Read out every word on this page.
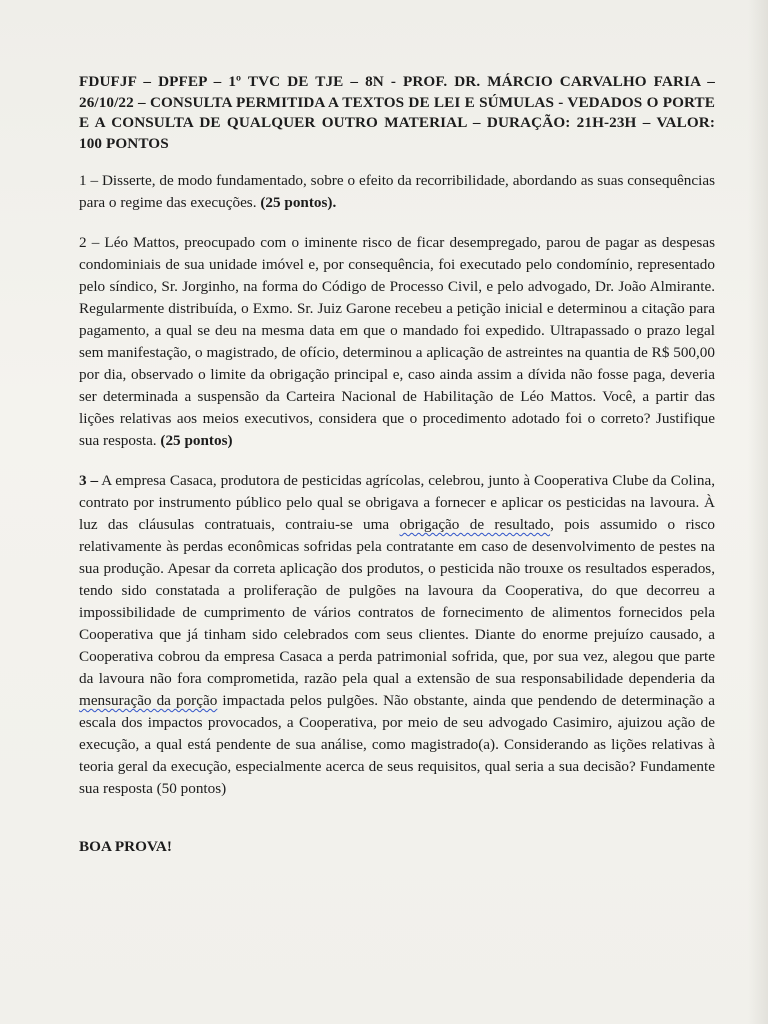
FDUFJF – DPFEP – 1º TVC DE TJE – 8N - PROF. DR. MÁRCIO CARVALHO FARIA – 26/10/22 – CONSULTA PERMITIDA A TEXTOS DE LEI E SÚMULAS - VEDADOS O PORTE E A CONSULTA DE QUALQUER OUTRO MATERIAL – DURAÇÃO: 21H-23H – VALOR: 100 PONTOS

1 – Disserte, de modo fundamentado, sobre o efeito da recorribilidade, abordando as suas consequências para o regime das execuções. (25 pontos).

2 – Léo Mattos, preocupado com o iminente risco de ficar desempregado, parou de pagar as despesas condominiais de sua unidade imóvel e, por consequência, foi executado pelo condomínio, representado pelo síndico, Sr. Jorginho, na forma do Código de Processo Civil, e pelo advogado, Dr. João Almirante. Regularmente distribuída, o Exmo. Sr. Juiz Garone recebeu a petição inicial e determinou a citação para pagamento, a qual se deu na mesma data em que o mandado foi expedido. Ultrapassado o prazo legal sem manifestação, o magistrado, de ofício, determinou a aplicação de astreintes na quantia de R$ 500,00 por dia, observado o limite da obrigação principal e, caso ainda assim a dívida não fosse paga, deveria ser determinada a suspensão da Carteira Nacional de Habilitação de Léo Mattos. Você, a partir das lições relativas aos meios executivos, considera que o procedimento adotado foi o correto? Justifique sua resposta. (25 pontos)

3 – A empresa Casaca, produtora de pesticidas agrícolas, celebrou, junto à Cooperativa Clube da Colina, contrato por instrumento público pelo qual se obrigava a fornecer e aplicar os pesticidas na lavoura. À luz das cláusulas contratuais, contraiu-se uma obrigação de resultado, pois assumido o risco relativamente às perdas econômicas sofridas pela contratante em caso de desenvolvimento de pestes na sua produção. Apesar da correta aplicação dos produtos, o pesticida não trouxe os resultados esperados, tendo sido constatada a proliferação de pulgões na lavoura da Cooperativa, do que decorreu a impossibilidade de cumprimento de vários contratos de fornecimento de alimentos fornecidos pela Cooperativa que já tinham sido celebrados com seus clientes. Diante do enorme prejuízo causado, a Cooperativa cobrou da empresa Casaca a perda patrimonial sofrida, que, por sua vez, alegou que parte da lavoura não fora comprometida, razão pela qual a extensão de sua responsabilidade dependeria da mensuração da porção impactada pelos pulgões. Não obstante, ainda que pendendo de determinação a escala dos impactos provocados, a Cooperativa, por meio de seu advogado Casimiro, ajuizou ação de execução, a qual está pendente de sua análise, como magistrado(a). Considerando as lições relativas à teoria geral da execução, especialmente acerca de seus requisitos, qual seria a sua decisão? Fundamente sua resposta (50 pontos)

BOA PROVA!
